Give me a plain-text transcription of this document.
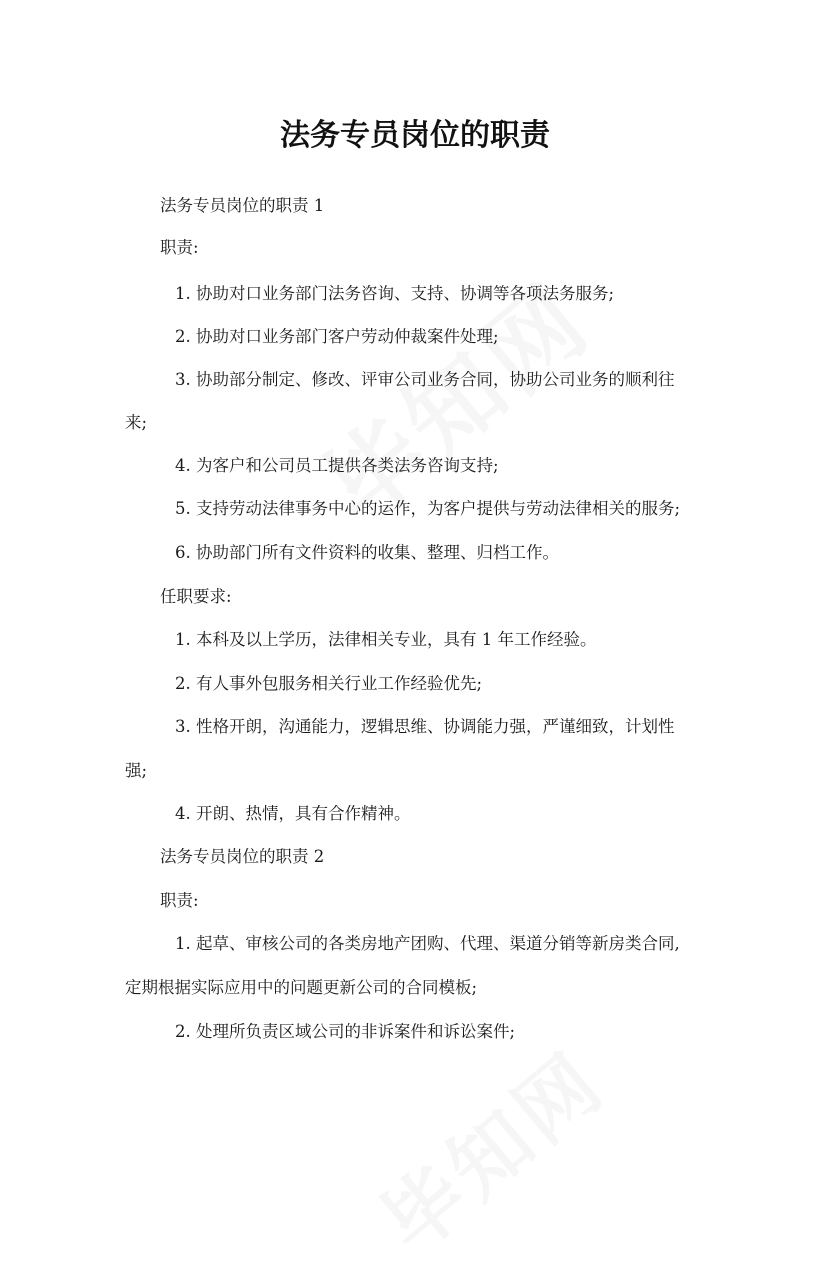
法务专员岗位的职责

法务专员岗位的职责 1

职责:

1. 协助对口业务部门法务咨询、支持、协调等各项法务服务;

2. 协助对口业务部门客户劳动仲裁案件处理;

3. 协助部分制定、修改、评审公司业务合同，协助公司业务的顺利往

来;

4. 为客户和公司员工提供各类法务咨询支持;

5. 支持劳动法律事务中心的运作，为客户提供与劳动法律相关的服务;

6. 协助部门所有文件资料的收集、整理、归档工作。

任职要求:

1. 本科及以上学历，法律相关专业，具有 1 年工作经验。

2. 有人事外包服务相关行业工作经验优先;

3. 性格开朗，沟通能力，逻辑思维、协调能力强，严谨细致，计划性

强;

4. 开朗、热情，具有合作精神。

法务专员岗位的职责 2

职责:

1. 起草、审核公司的各类房地产团购、代理、渠道分销等新房类合同,

定期根据实际应用中的问题更新公司的合同模板;

2. 处理所负责区域公司的非诉案件和诉讼案件;
